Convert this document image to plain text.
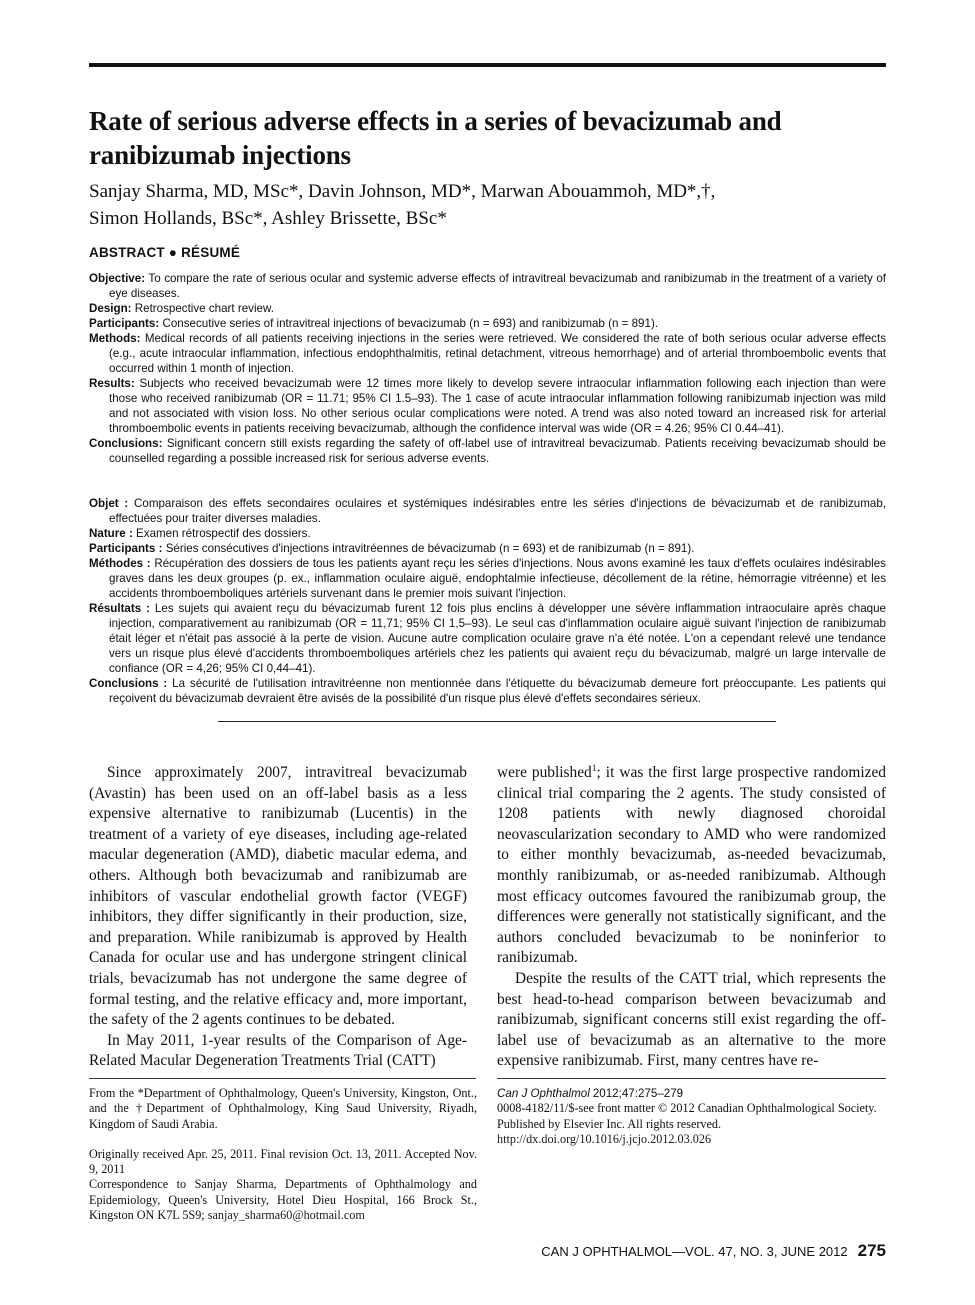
Rate of serious adverse effects in a series of bevacizumab and ranibizumab injections
Sanjay Sharma, MD, MSc*, Davin Johnson, MD*, Marwan Abouammoh, MD*,†,
Simon Hollands, BSc*, Ashley Brissette, BSc*
ABSTRACT ● RÉSUMÉ

Objective: To compare the rate of serious ocular and systemic adverse effects of intravitreal bevacizumab and ranibizumab in the treatment of a variety of eye diseases.

Design: Retrospective chart review.

Participants: Consecutive series of intravitreal injections of bevacizumab (n = 693) and ranibizumab (n = 891).

Methods: Medical records of all patients receiving injections in the series were retrieved. We considered the rate of both serious ocular adverse effects (e.g., acute intraocular inflammation, infectious endophthalmitis, retinal detachment, vitreous hemorrhage) and of arterial thromboembolic events that occurred within 1 month of injection.

Results: Subjects who received bevacizumab were 12 times more likely to develop severe intraocular inflammation following each injection than were those who received ranibizumab (OR = 11.71; 95% CI 1.5–93). The 1 case of acute intraocular inflammation following ranibizumab injection was mild and not associated with vision loss. No other serious ocular complications were noted. A trend was also noted toward an increased risk for arterial thromboembolic events in patients receiving bevacizumab, although the confidence interval was wide (OR = 4.26; 95% CI 0.44–41).

Conclusions: Significant concern still exists regarding the safety of off-label use of intravitreal bevacizumab. Patients receiving bevacizumab should be counselled regarding a possible increased risk for serious adverse events.

Objet : Comparaison des effets secondaires oculaires et systémiques indésirables entre les séries d'injections de bévacizumab et de ranibizumab, effectuées pour traiter diverses maladies.

Nature : Examen rétrospectif des dossiers.

Participants : Séries consécutives d'injections intravitréennes de bévacizumab (n = 693) et de ranibizumab (n = 891).

Méthodes : Récupération des dossiers de tous les patients ayant reçu les séries d'injections. Nous avons examiné les taux d'effets oculaires indésirables graves dans les deux groupes (p. ex., inflammation oculaire aiguë, endophtalmie infectieuse, décollement de la rétine, hémorragie vitréenne) et les accidents thromboemboliques artériels survenant dans le premier mois suivant l'injection.

Résultats : Les sujets qui avaient reçu du bévacizumab furent 12 fois plus enclins à développer une sévère inflammation intraoculaire après chaque injection, comparativement au ranibizumab (OR = 11,71; 95% CI 1,5–93). Le seul cas d'inflammation oculaire aiguë suivant l'injection de ranibizumab était léger et n'était pas associé à la perte de vision. Aucune autre complication oculaire grave n'a été notée. L'on a cependant relevé une tendance vers un risque plus élevé d'accidents thromboemboliques artériels chez les patients qui avaient reçu du bévacizumab, malgré un large intervalle de confiance (OR = 4,26; 95% CI 0,44–41).

Conclusions : La sécurité de l'utilisation intravitréenne non mentionnée dans l'étiquette du bévacizumab demeure fort préoccupante. Les patients qui reçoivent du bévacizumab devraient être avisés de la possibilité d'un risque plus élevé d'effets secondaires sérieux.

Since approximately 2007, intravitreal bevacizumab (Avastin) has been used on an off-label basis as a less expensive alternative to ranibizumab (Lucentis) in the treatment of a variety of eye diseases, including age-related macular degeneration (AMD), diabetic macular edema, and others. Although both bevacizumab and ranibizumab are inhibitors of vascular endothelial growth factor (VEGF) inhibitors, they differ significantly in their production, size, and preparation. While ranibizumab is approved by Health Canada for ocular use and has undergone stringent clinical trials, bevacizumab has not undergone the same degree of formal testing, and the relative efficacy and, more important, the safety of the 2 agents continues to be debated.

In May 2011, 1-year results of the Comparison of Age-Related Macular Degeneration Treatments Trial (CATT)

were published$^1$; it was the first large prospective randomized clinical trial comparing the 2 agents. The study consisted of 1208 patients with newly diagnosed choroidal neovascularization secondary to AMD who were randomized to either monthly bevacizumab, as-needed bevacizumab, monthly ranibizumab, or as-needed ranibizumab. Although most efficacy outcomes favoured the ranibizumab group, the differences were generally not statistically significant, and the authors concluded bevacizumab to be noninferior to ranibizumab.

Despite the results of the CATT trial, which represents the best head-to-head comparison between bevacizumab and ranibizumab, significant concerns still exist regarding the off-label use of bevacizumab as an alternative to the more expensive ranibizumab. First, many centres have re-

From the *Department of Ophthalmology, Queen's University, Kingston, Ont., and the †Department of Ophthalmology, King Saud University, Riyadh, Kingdom of Saudi Arabia.

Originally received Apr. 25, 2011. Final revision Oct. 13, 2011. Accepted Nov. 9, 2011

Correspondence to Sanjay Sharma, Departments of Ophthalmology and Epidemiology, Queen's University, Hotel Dieu Hospital, 166 Brock St., Kingston ON K7L 5S9; sanjay_sharma60@hotmail.com

Can J Ophthalmol 2012;47:275–279
0008-4182/11/$-see front matter © 2012 Canadian Ophthalmological Society.
Published by Elsevier Inc. All rights reserved.
http://dx.doi.org/10.1016/j.jcjo.2012.03.026
CAN J OPHTHALMOL—VOL. 47, NO. 3, JUNE 2012 275
